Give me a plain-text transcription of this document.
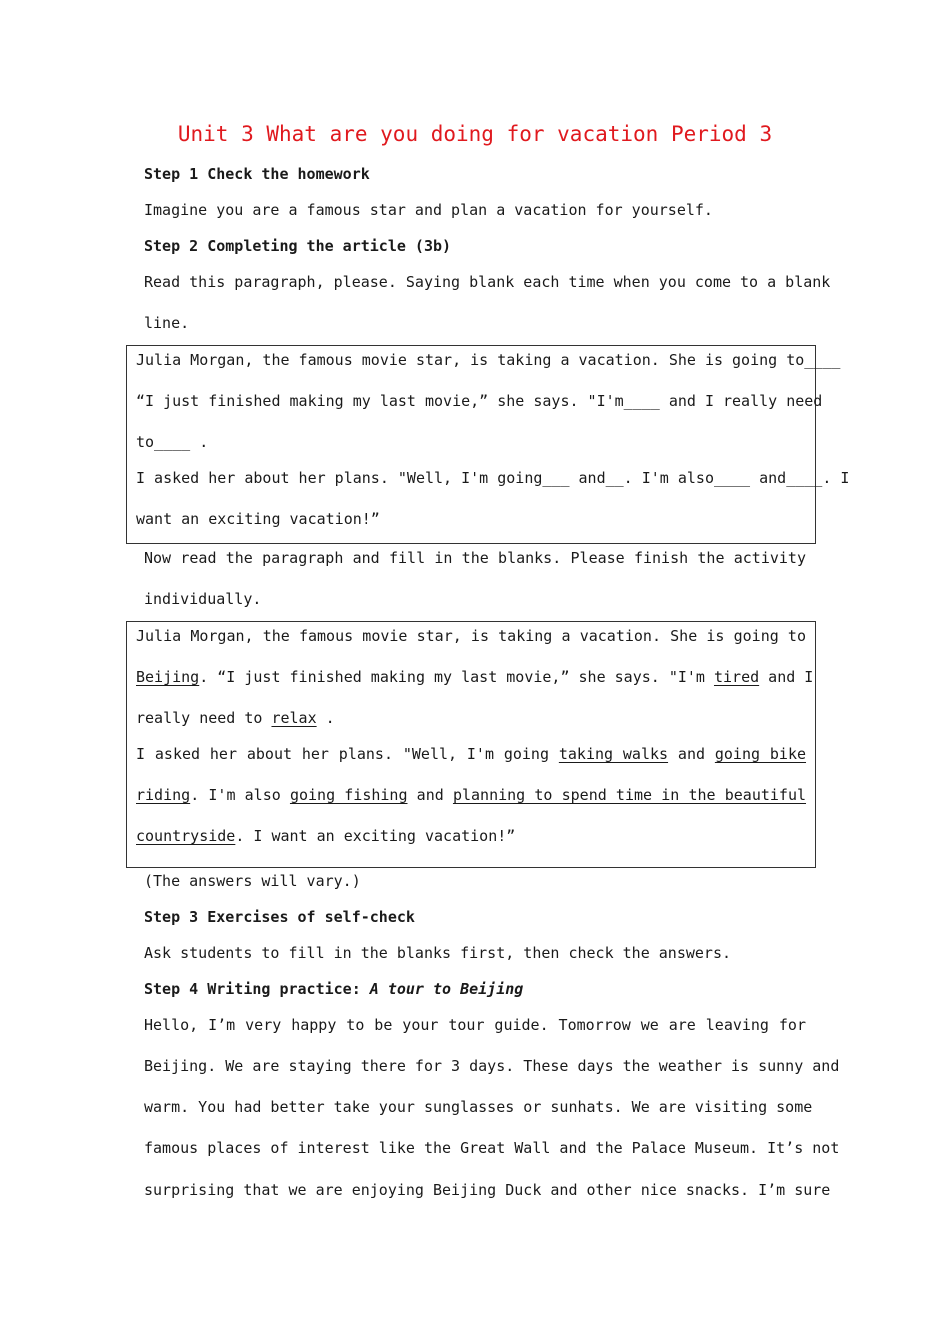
Unit 3 What are you doing for vacation Period 3
Step 1 Check the homework
Imagine you are a famous star and plan a vacation for yourself.
Step 2 Completing the article (3b)
Read this paragraph, please. Saying blank each time when you come to a blank
line.
Julia Morgan, the famous movie star, is taking a vacation. She is going to____
“I just finished making my last movie,” she says. "I'm____ and I really need
to____ .
I asked her about her plans. "Well, I'm going___ and__. I'm also____ and____. I
want an exciting vacation!”
Now read the paragraph and fill in the blanks. Please finish the activity
individually.
Julia Morgan, the famous movie star, is taking a vacation. She is going to
Beijing. “I just finished making my last movie,” she says. "I'm tired and I
really need to relax .
I asked her about her plans. "Well, I'm going taking walks and going bike
riding. I'm also going fishing and planning to spend time in the beautiful
countryside. I want an exciting vacation!”
(The answers will vary.)
Step 3 Exercises of self-check
Ask students to fill in the blanks first, then check the answers.
Step 4 Writing practice: A tour to Beijing
Hello, I’m very happy to be your tour guide. Tomorrow we are leaving for
Beijing. We are staying there for 3 days. These days the weather is sunny and
warm. You had better take your sunglasses or sunhats. We are visiting some
famous places of interest like the Great Wall and the Palace Museum. It’s not
surprising that we are enjoying Beijing Duck and other nice snacks. I’m sure
